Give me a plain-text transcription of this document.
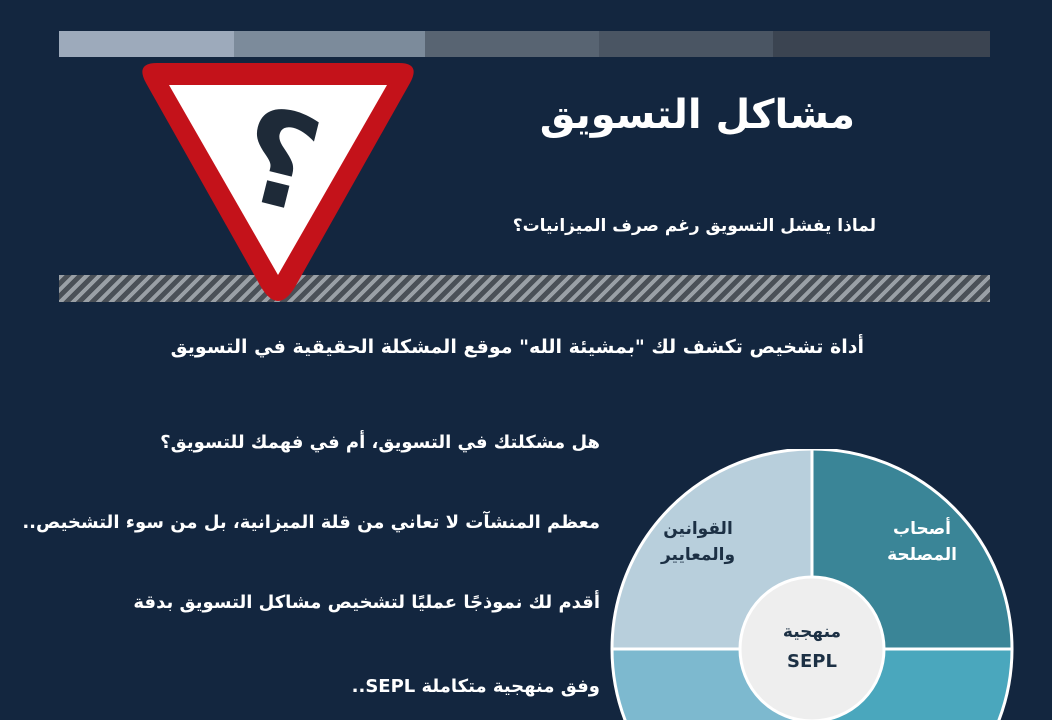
؟	مشاكل التسويق
لماذا يفشل التسويق رغم صرف الميزانيات؟
أداة تشخيص تكشف لك "بمشيئة الله" موقع المشكلة الحقيقية في التسويق
هل مشكلتك في التسويق، أم في فهمك للتسويق؟
معظم المنشآت لا تعاني من قلة الميزانية، بل من سوء التشخيص..
أقدم لك نموذجًا عمليًا لتشخيص مشاكل التسويق بدقة
وفق منهجية متكاملة SEPL..
القوانين
والمعايير
أصحاب
المصلحة
منهجية
SEPL
